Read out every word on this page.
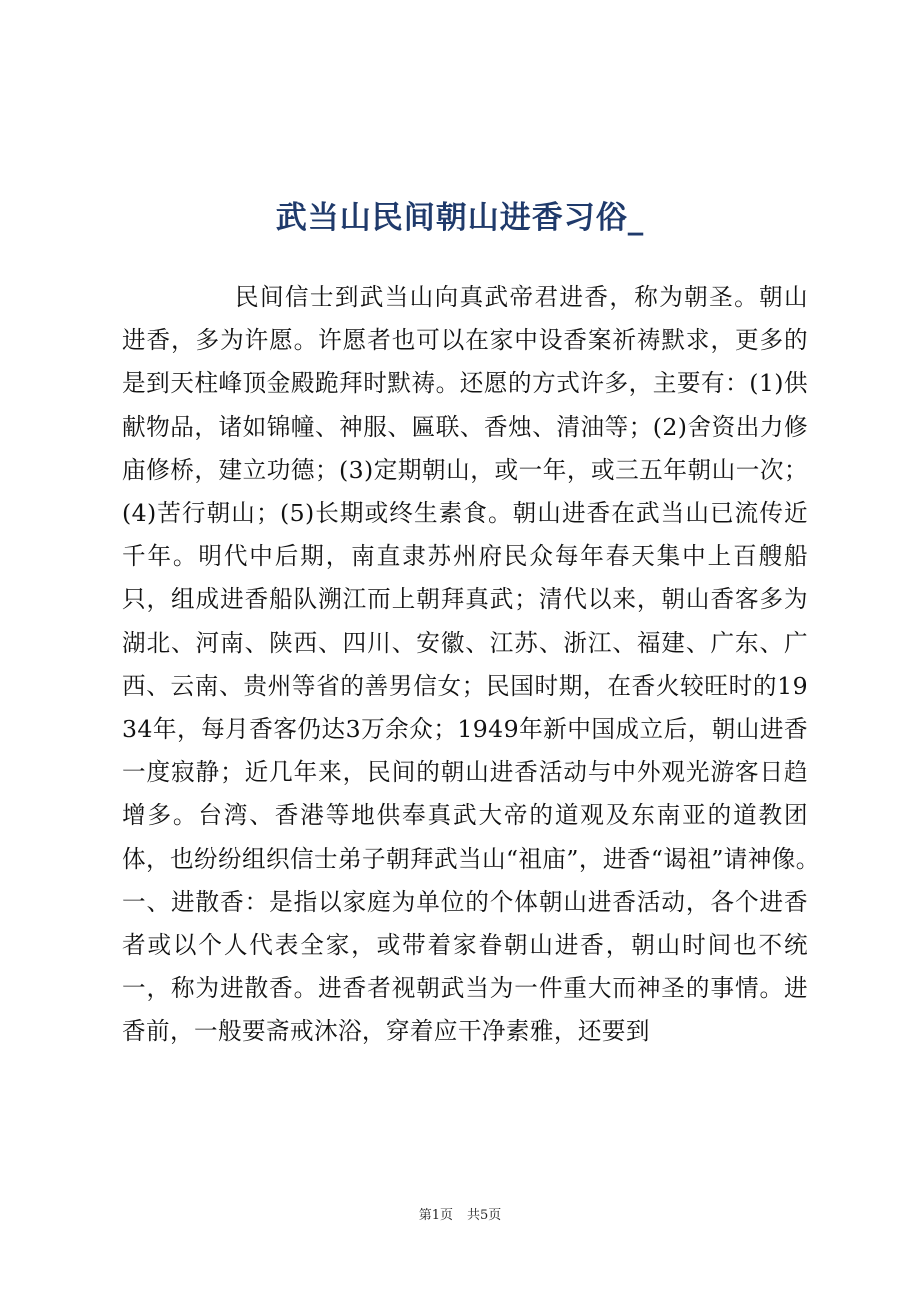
武当山民间朝山进香习俗_

民间信士到武当山向真武帝君进香，称为朝圣。朝山进香，多为许愿。许愿者也可以在家中设香案祈祷默求，更多的是到天柱峰顶金殿跪拜时默祷。还愿的方式许多，主要有：(1)供献物品，诸如锦幢、神服、匾联、香烛、清油等；(2)舍资出力修庙修桥，建立功德；(3)定期朝山，或一年，或三五年朝山一次；(4)苦行朝山；(5)长期或终生素食。朝山进香在武当山已流传近千年。明代中后期，南直隶苏州府民众每年春天集中上百艘船只，组成进香船队溯江而上朝拜真武；清代以来，朝山香客多为湖北、河南、陕西、四川、安徽、江苏、浙江、福建、广东、广西、云南、贵州等省的善男信女；民国时期，在香火较旺时的1934年，每月香客仍达3万余众；1949年新中国成立后，朝山进香一度寂静；近几年来，民间的朝山进香活动与中外观光游客日趋增多。台湾、香港等地供奉真武大帝的道观及东南亚的道教团体，也纷纷组织信士弟子朝拜武当山“祖庙”，进香“谒祖”请神像。　　　一、进散香：是指以家庭为单位的个体朝山进香活动，各个进香者或以个人代表全家，或带着家眷朝山进香，朝山时间也不统一，称为进散香。进香者视朝武当为一件重大而神圣的事情。进香前，一般要斋戒沐浴，穿着应干净素雅，还要到

第1页 共5页
